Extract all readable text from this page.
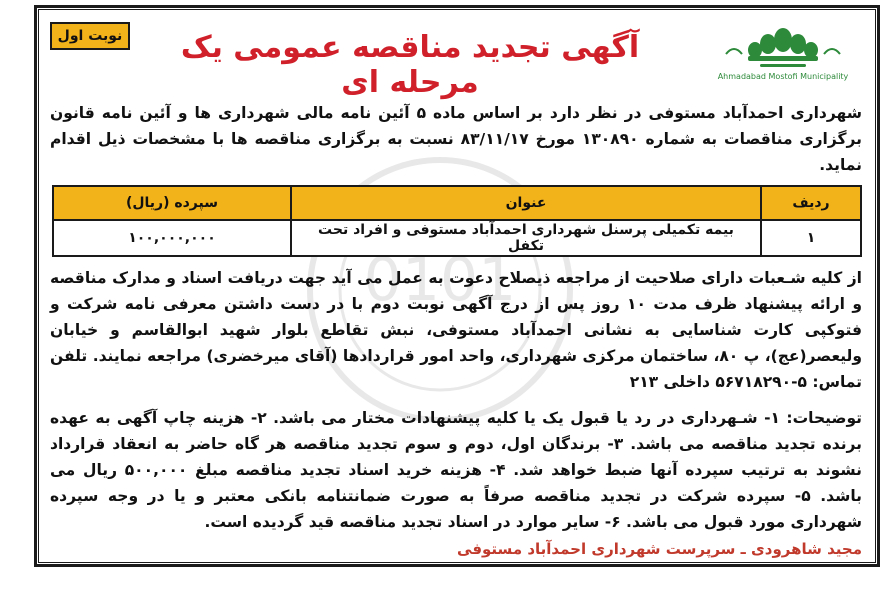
نوبت اول	آگهی تجدید مناقصه عمومی یک مرحله ای	Ahmadabad Mostofi Municipality
شهرداری احمدآباد مستوفی در نظر دارد بر اساس ماده ۵ آئین نامه مالی شهرداری ها و آئین نامه قانون برگزاری مناقصات به شماره ۱۳۰۸۹۰ مورخ ۸۳/۱۱/۱۷ نسبت به برگزاری مناقصه ها با مشخصات ذیل اقدام نماید.
ردیف	عنوان	سپرده (ریال)
۱	بیمه تکمیلی پرسنل شهرداری احمدآباد مستوفی و افراد تحت تکفل	۱۰۰,۰۰۰,۰۰۰
از کلیه شـعبات دارای صلاحیت از مراجعه ذیصلاح دعوت به عمل می آید جهت دریافت اسناد و مدارک مناقصه و ارائه پیشنهاد ظرف مدت ۱۰ روز پس از درج آگهی نوبت دوم با در دست داشتن معرفی نامه شرکت و فتوکپی کارت شناسایی به نشانی احمدآباد مستوفی، نبش تقاطع بلوار شهید ابوالقاسم و خیابان ولیعصر(عج)، پ ۸۰، ساختمان مرکزی شهرداری، واحد امور قراردادها (آقای میرخضری) مراجعه نمایند. تلفن تماس: ۵-۵۶۷۱۸۲۹۰ داخلی ۲۱۳
توضیحات: ۱- شـهرداری در رد یا قبول یک یا کلیه پیشنهادات مختار می باشد. ۲- هزینه چاپ آگهی به عهده برنده تجدید مناقصه می باشد. ۳- برندگان اول، دوم و سوم تجدید مناقصه هر گاه حاضر به انعقاد قرارداد نشوند به ترتیب سپرده آنها ضبط خواهد شد. ۴- هزینه خرید اسناد تجدید مناقصه مبلغ ۵۰۰,۰۰۰ ریال می باشد. ۵- سپرده شرکت در تجدید مناقصه صرفاً به صورت ضمانتنامه بانکی معتبر و یا در وجه سپرده شهرداری مورد قبول می باشد. ۶- سایر موارد در اسناد تجدید مناقصه قید گردیده است.
مجید شاهرودی ـ سرپرست شهرداری احمدآباد مستوفی
